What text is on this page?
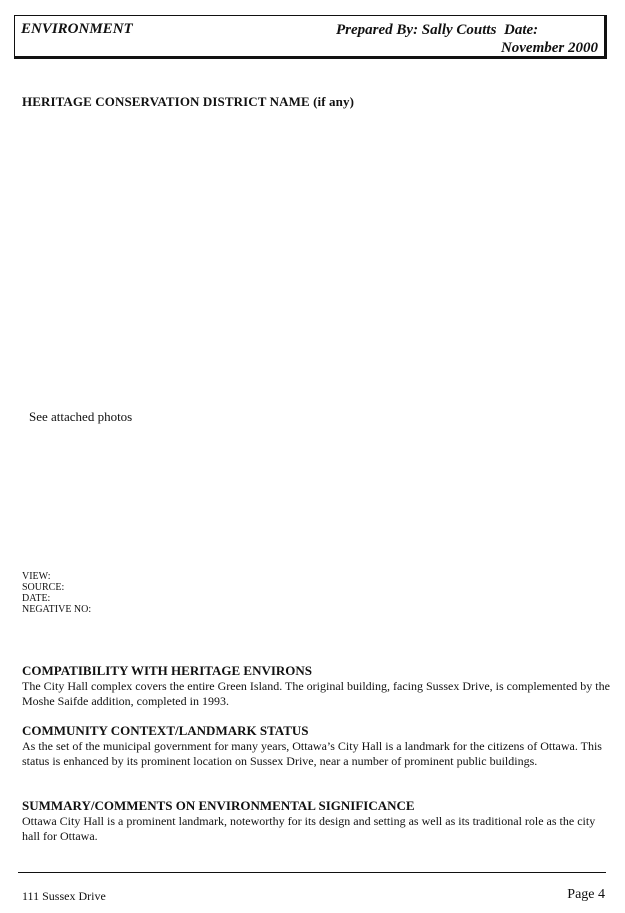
ENVIRONMENT	Prepared By: Sally Coutts Date:
November 2000
HERITAGE CONSERVATION DISTRICT NAME (if any)
See attached photos
VIEW:
SOURCE:
DATE:
NEGATIVE NO:
COMPATIBILITY WITH HERITAGE ENVIRONS
The City Hall complex covers the entire Green Island. The original building, facing Sussex Drive, is complemented by the Moshe Saifde addition, completed in 1993.
COMMUNITY CONTEXT/LANDMARK STATUS
As the set of the municipal government for many years, Ottawa’s City Hall is a landmark for the citizens of Ottawa. This status is enhanced by its prominent location on Sussex Drive, near a number of prominent public buildings.
SUMMARY/COMMENTS ON ENVIRONMENTAL SIGNIFICANCE
Ottawa City Hall is a prominent landmark, noteworthy for its design and setting as well as its traditional role as the city hall for Ottawa.
111 Sussex Drive	Page 4
